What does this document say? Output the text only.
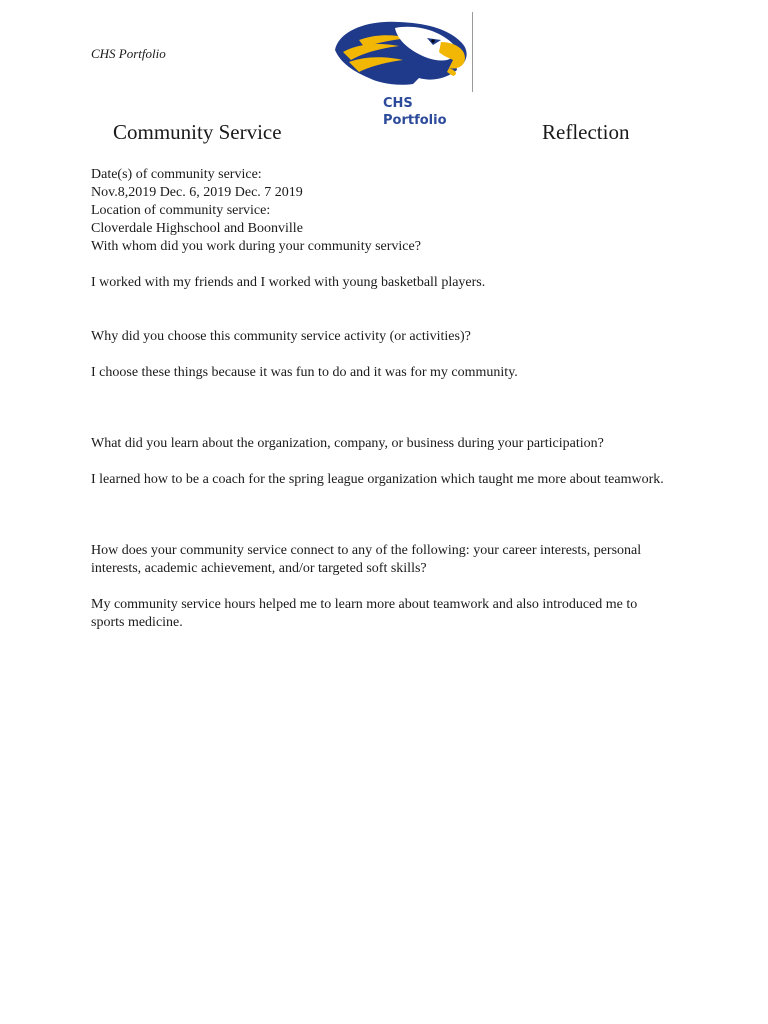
CHS Portfolio
CHS
Portfolio
Community Service	Reflection

Date(s) of community service:

Nov.8,2019 Dec. 6, 2019 Dec. 7 2019

Location of community service:

Cloverdale Highschool and Boonville

With whom did you work during your community service?

I worked with my friends and I worked with young basketball players.

Why did you choose this community service activity (or activities)?

I choose these things because it was fun to do and it was for my community.

What did you learn about the organization, company, or business during your participation?

I learned how to be a coach for the spring league organization which taught me more about teamwork.

How does your community service connect to any of the following: your career interests, personal interests, academic achievement, and/or targeted soft skills?

My community service hours helped me to learn more about teamwork and also introduced me to sports medicine.
